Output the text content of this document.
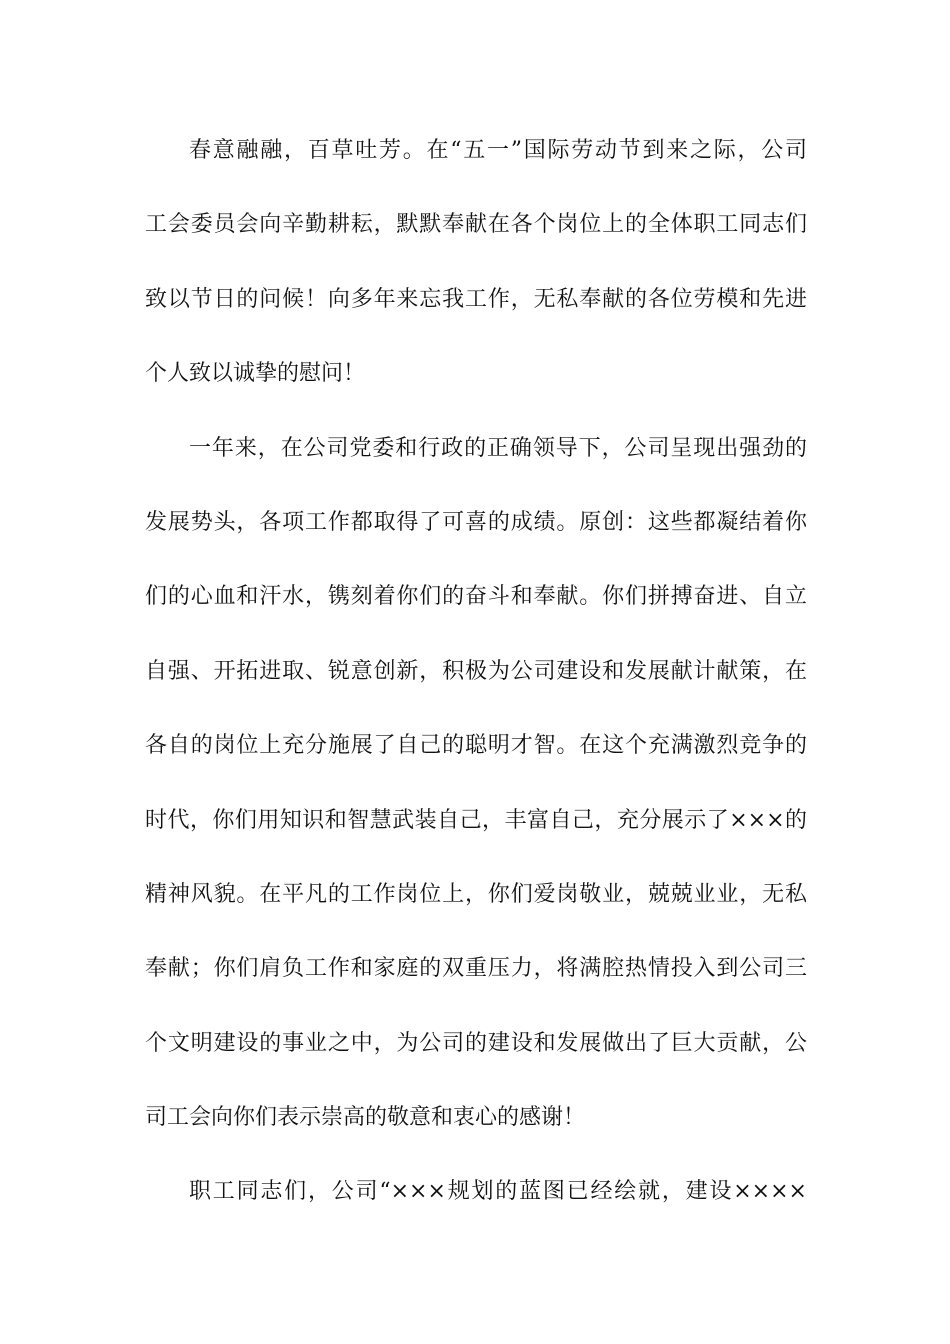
春意融融，百草吐芳。在“五一”国际劳动节到来之际，公司
工会委员会向辛勤耕耘，默默奉献在各个岗位上的全体职工同志们
致以节日的问候！向多年来忘我工作，无私奉献的各位劳模和先进
个人致以诚挚的慰问！
一年来，在公司党委和行政的正确领导下，公司呈现出强劲的
发展势头，各项工作都取得了可喜的成绩。原创：这些都凝结着你
们的心血和汗水，镌刻着你们的奋斗和奉献。你们拼搏奋进、自立
自强、开拓进取、锐意创新，积极为公司建设和发展献计献策，在
各自的岗位上充分施展了自己的聪明才智。在这个充满激烈竞争的
时代，你们用知识和智慧武装自己，丰富自己，充分展示了×××的
精神风貌。在平凡的工作岗位上，你们爱岗敬业，兢兢业业，无私
奉献；你们肩负工作和家庭的双重压力，将满腔热情投入到公司三
个文明建设的事业之中，为公司的建设和发展做出了巨大贡献，公
司工会向你们表示崇高的敬意和衷心的感谢！
职工同志们，公司“×××规划的蓝图已经绘就，建设××××
